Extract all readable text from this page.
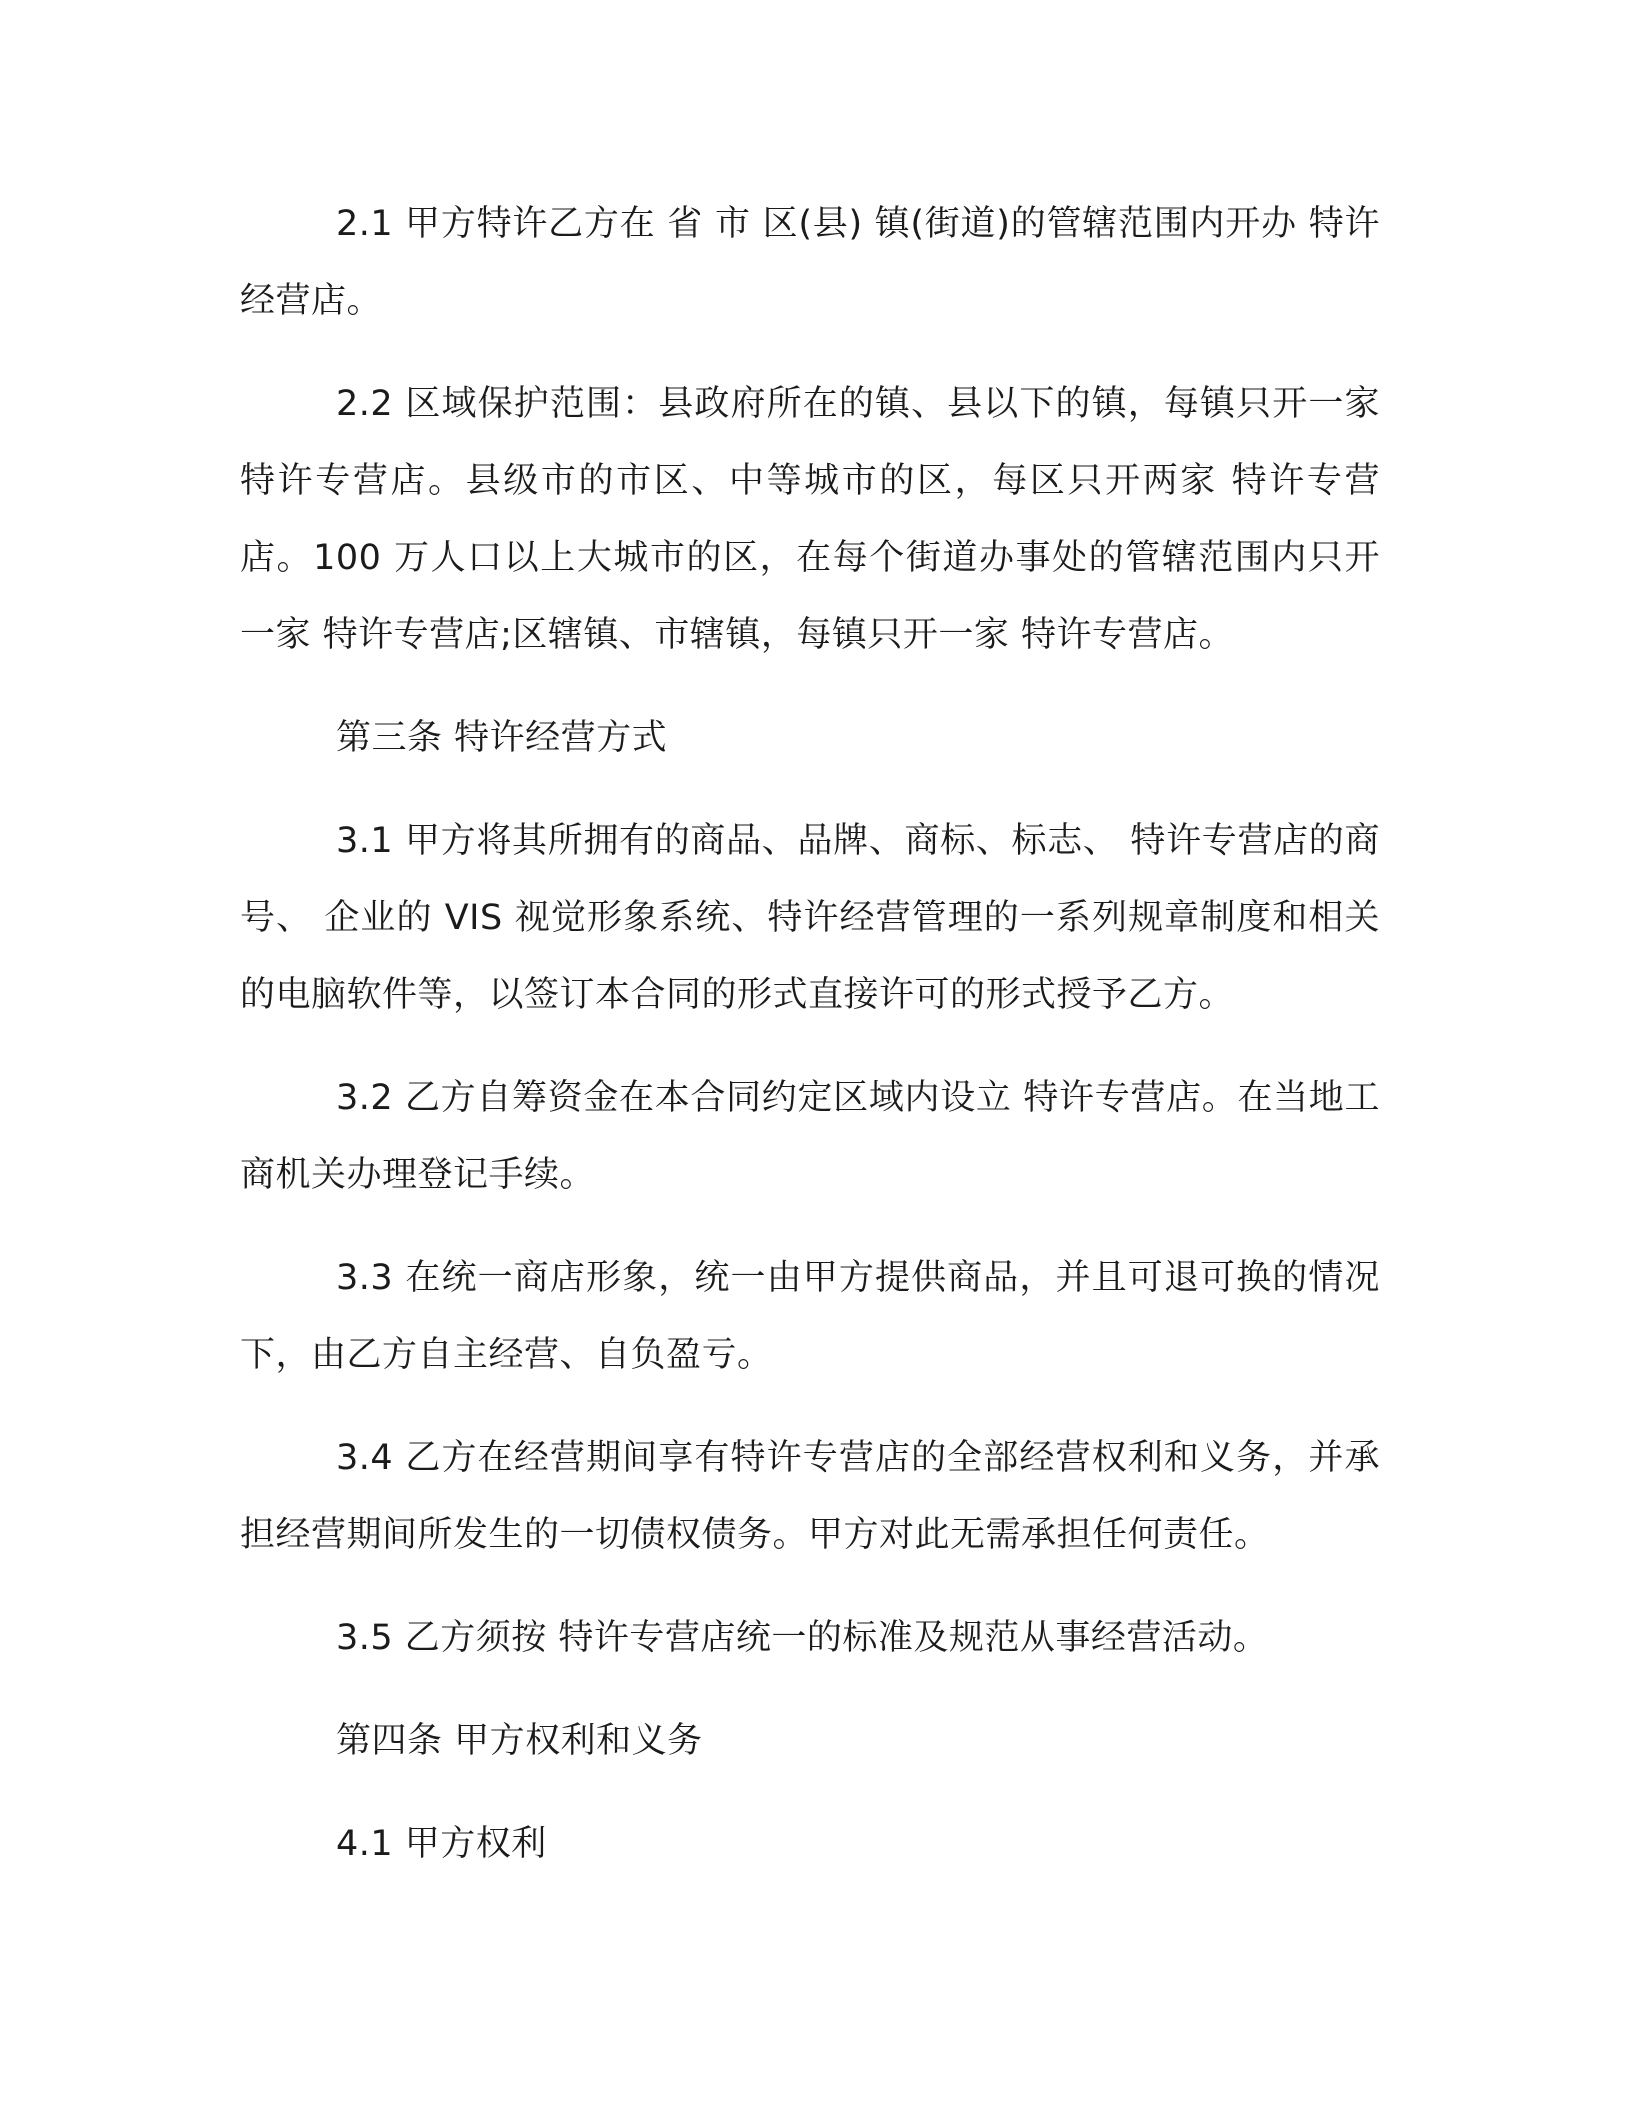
2.1 甲方特许乙方在 省 市 区(县) 镇(街道)的管辖范围内开办 特许经营店。

2.2 区域保护范围：县政府所在的镇、县以下的镇，每镇只开一家 特许专营店。县级市的市区、中等城市的区，每区只开两家 特许专营店。100 万人口以上大城市的区，在每个街道办事处的管辖范围内只开一家 特许专营店;区辖镇、市辖镇，每镇只开一家 特许专营店。

第三条 特许经营方式

3.1 甲方将其所拥有的商品、品牌、商标、标志、 特许专营店的商号、 企业的 VIS 视觉形象系统、特许经营管理的一系列规章制度和相关的电脑软件等，以签订本合同的形式直接许可的形式授予乙方。

3.2 乙方自筹资金在本合同约定区域内设立 特许专营店。在当地工商机关办理登记手续。

3.3 在统一商店形象，统一由甲方提供商品，并且可退可换的情况下，由乙方自主经营、自负盈亏。

3.4 乙方在经营期间享有特许专营店的全部经营权利和义务，并承担经营期间所发生的一切债权债务。甲方对此无需承担任何责任。

3.5 乙方须按 特许专营店统一的标准及规范从事经营活动。

第四条 甲方权利和义务

4.1 甲方权利
